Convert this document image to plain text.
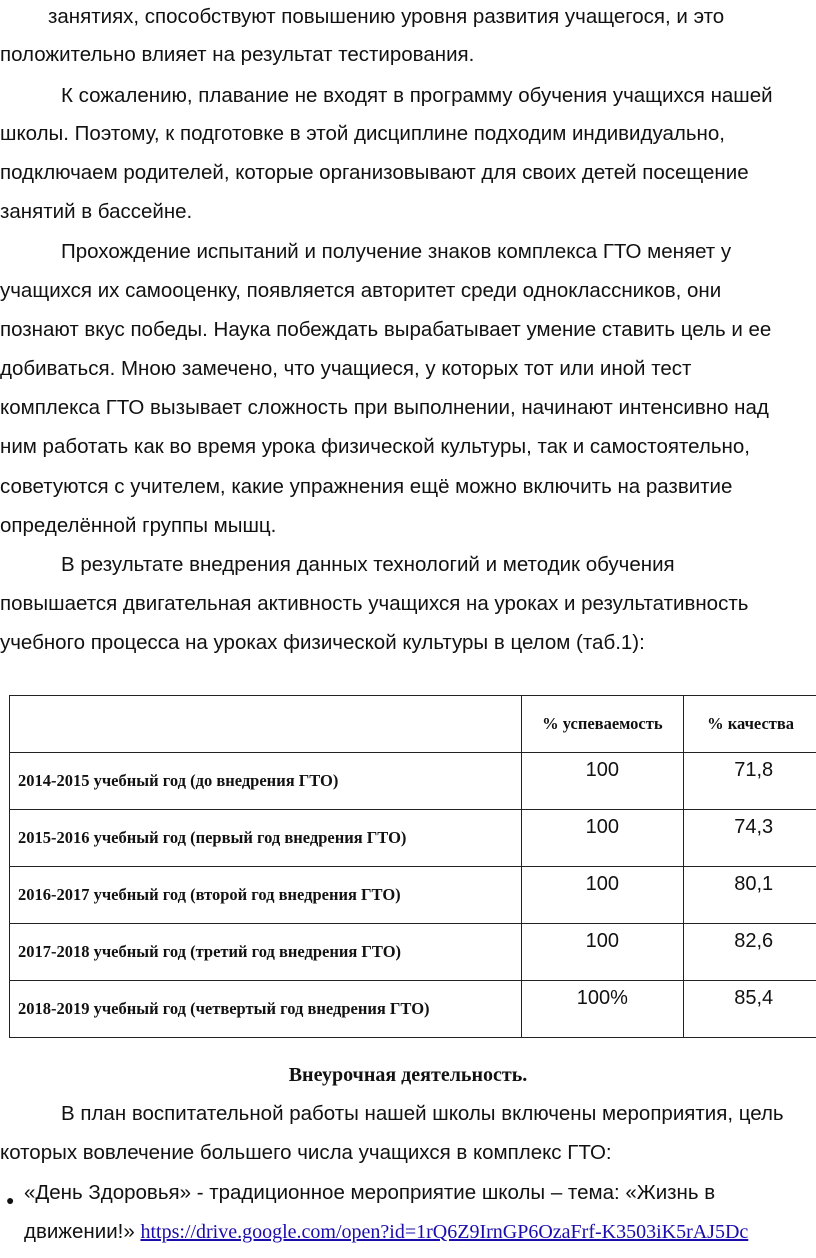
занятиях, способствуют повышению уровня развития учащегося, и это
положительно влияет на результат тестирования.
К сожалению, плавание не входят в программу обучения учащихся нашей
школы. Поэтому, к подготовке в этой дисциплине подходим индивидуально,
подключаем родителей, которые организовывают для своих детей посещение
занятий в бассейне.
Прохождение испытаний и получение знаков комплекса ГТО меняет у
учащихся их самооценку, появляется авторитет среди одноклассников, они
познают вкус победы. Наука побеждать вырабатывает умение ставить цель и ее
добиваться. Мною замечено, что учащиеся, у которых тот или иной тест
комплекса ГТО вызывает сложность при выполнении, начинают интенсивно над
ним работать как во время урока физической культуры, так и самостоятельно,
советуются с учителем, какие упражнения ещё можно включить на развитие
определённой группы мышц.
В результате внедрения данных технологий и методик обучения
повышается двигательная активность учащихся на уроках и результативность
учебного процесса на уроках физической культуры в целом (таб.1):
	% успеваемость	% качества
2014-2015 учебный год (до внедрения ГТО)	100	71,8
2015-2016 учебный год (первый год внедрения ГТО)	100	74,3
2016-2017 учебный год (второй год внедрения ГТО)	100	80,1
2017-2018 учебный год (третий год внедрения ГТО)	100	82,6
2018-2019 учебный год (четвертый год внедрения ГТО)	100%	85,4
Внеурочная деятельность.
В план воспитательной работы нашей школы включены мероприятия, цель
которых вовлечение большего числа учащихся в комплекс ГТО:
● «День Здоровья» - традиционное мероприятие школы – тема: «Жизнь в
движении!» https://drive.google.com/open?id=1rQ6Z9IrnGP6OzaFrf-K3503iK5rAJ5Dc
